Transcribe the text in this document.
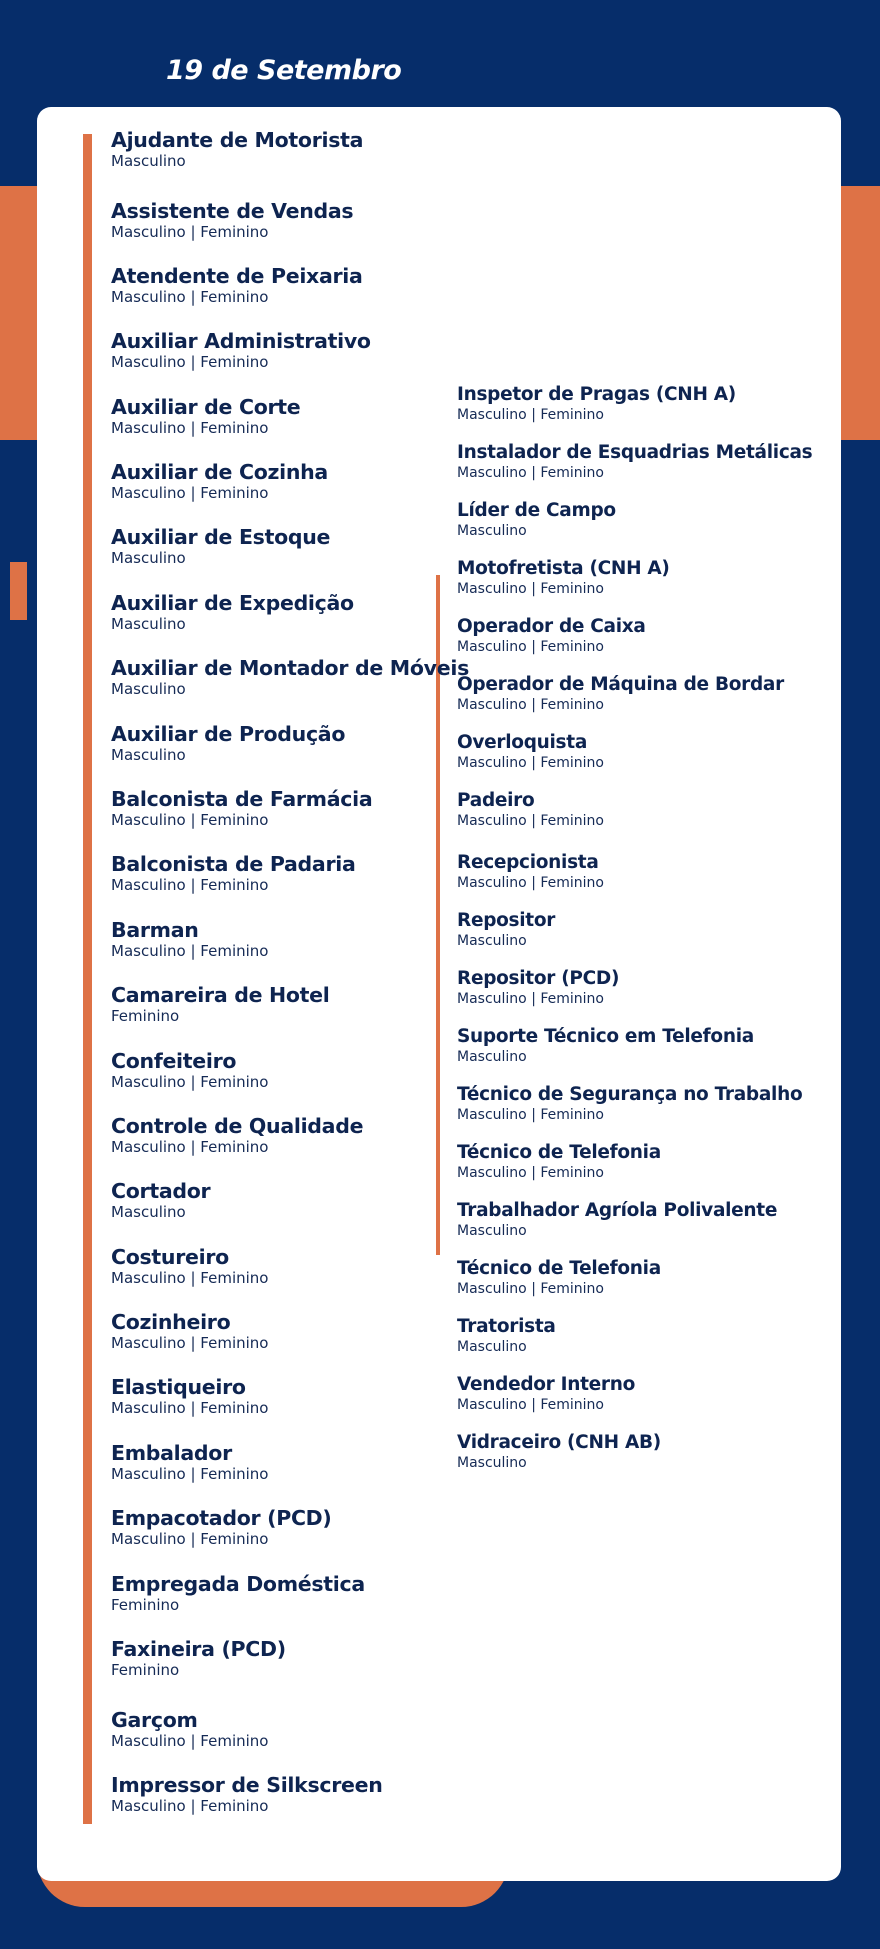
19 de Setembro
Ajudante de Motorista
Masculino
Assistente de Vendas
Masculino | Feminino
Atendente de Peixaria
Masculino | Feminino
Auxiliar Administrativo
Masculino | Feminino
Auxiliar de Corte
Masculino | Feminino
Auxiliar de Cozinha
Masculino | Feminino
Auxiliar de Estoque
Masculino
Auxiliar de Expedição
Masculino
Auxiliar de Montador de Móveis
Masculino
Auxiliar de Produção
Masculino
Balconista de Farmácia
Masculino | Feminino
Balconista de Padaria
Masculino | Feminino
Barman
Masculino | Feminino
Camareira de Hotel
Feminino
Confeiteiro
Masculino | Feminino
Controle de Qualidade
Masculino | Feminino
Cortador
Masculino
Costureiro
Masculino | Feminino
Cozinheiro
Masculino | Feminino
Elastiqueiro
Masculino | Feminino
Embalador
Masculino | Feminino
Empacotador (PCD)
Masculino | Feminino
Empregada Doméstica
Feminino
Faxineira (PCD)
Feminino
Garçom
Masculino | Feminino
Impressor de Silkscreen
Masculino | Feminino
Inspetor de Pragas (CNH A)
Masculino | Feminino
Instalador de Esquadrias Metálicas
Masculino | Feminino
Líder de Campo
Masculino
Motofretista (CNH A)
Masculino | Feminino
Operador de Caixa
Masculino | Feminino
Operador de Máquina de Bordar
Masculino | Feminino
Overloquista
Masculino | Feminino
Padeiro
Masculino | Feminino
Recepcionista
Masculino | Feminino
Repositor
Masculino
Repositor (PCD)
Masculino | Feminino
Suporte Técnico em Telefonia
Masculino
Técnico de Segurança no Trabalho
Masculino | Feminino
Técnico de Telefonia
Masculino | Feminino
Trabalhador Agríola Polivalente
Masculino
Técnico de Telefonia
Masculino | Feminino
Tratorista
Masculino
Vendedor Interno
Masculino | Feminino
Vidraceiro (CNH AB)
Masculino
